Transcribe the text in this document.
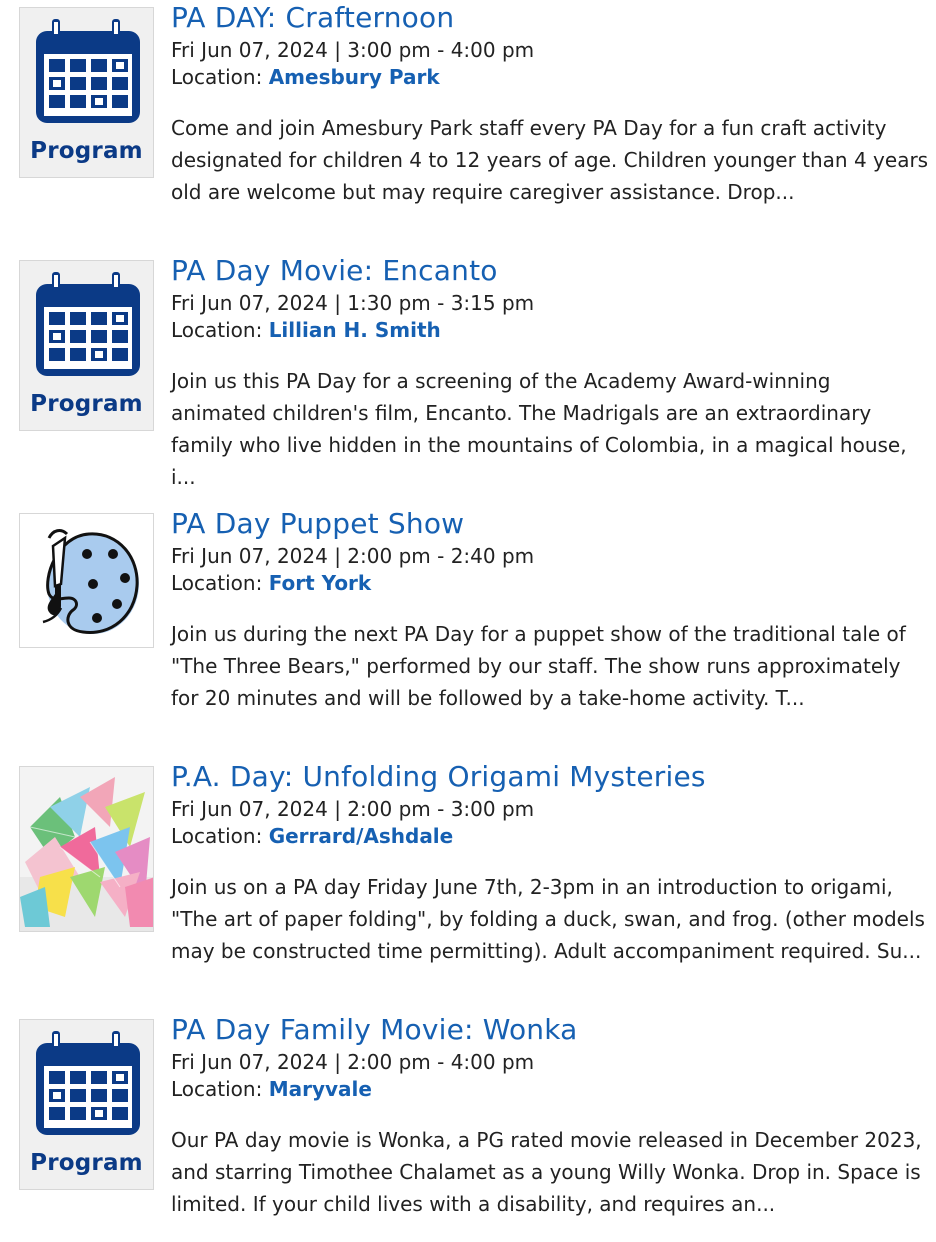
Program
PA DAY: Crafternoon
Fri Jun 07, 2024 | 3:00 pm - 4:00 pm
Location: Amesbury Park

Come and join Amesbury Park staff every PA Day for a fun craft activity designated for children 4 to 12 years of age. Children younger than 4 years old are welcome but may require caregiver assistance. Drop...

Program
PA Day Movie: Encanto
Fri Jun 07, 2024 | 1:30 pm - 3:15 pm
Location: Lillian H. Smith

Join us this PA Day for a screening of the Academy Award-winning animated children's film, Encanto. The Madrigals are an extraordinary family who live hidden in the mountains of Colombia, in a magical house, i...

PA Day Puppet Show
Fri Jun 07, 2024 | 2:00 pm - 2:40 pm
Location: Fort York

Join us during the next PA Day for a puppet show of the traditional tale of "The Three Bears," performed by our staff. The show runs approximately for 20 minutes and will be followed by a take-home activity. T...

P.A. Day: Unfolding Origami Mysteries
Fri Jun 07, 2024 | 2:00 pm - 3:00 pm
Location: Gerrard/Ashdale

Join us on a PA day Friday June 7th, 2-3pm in an introduction to origami, "The art of paper folding", by folding a duck, swan, and frog. (other models may be constructed time permitting). Adult accompaniment required. Su...

Program
PA Day Family Movie: Wonka
Fri Jun 07, 2024 | 2:00 pm - 4:00 pm
Location: Maryvale

Our PA day movie is Wonka, a PG rated movie released in December 2023, and starring Timothee Chalamet as a young Willy Wonka. Drop in. Space is limited. If your child lives with a disability, and requires an...
